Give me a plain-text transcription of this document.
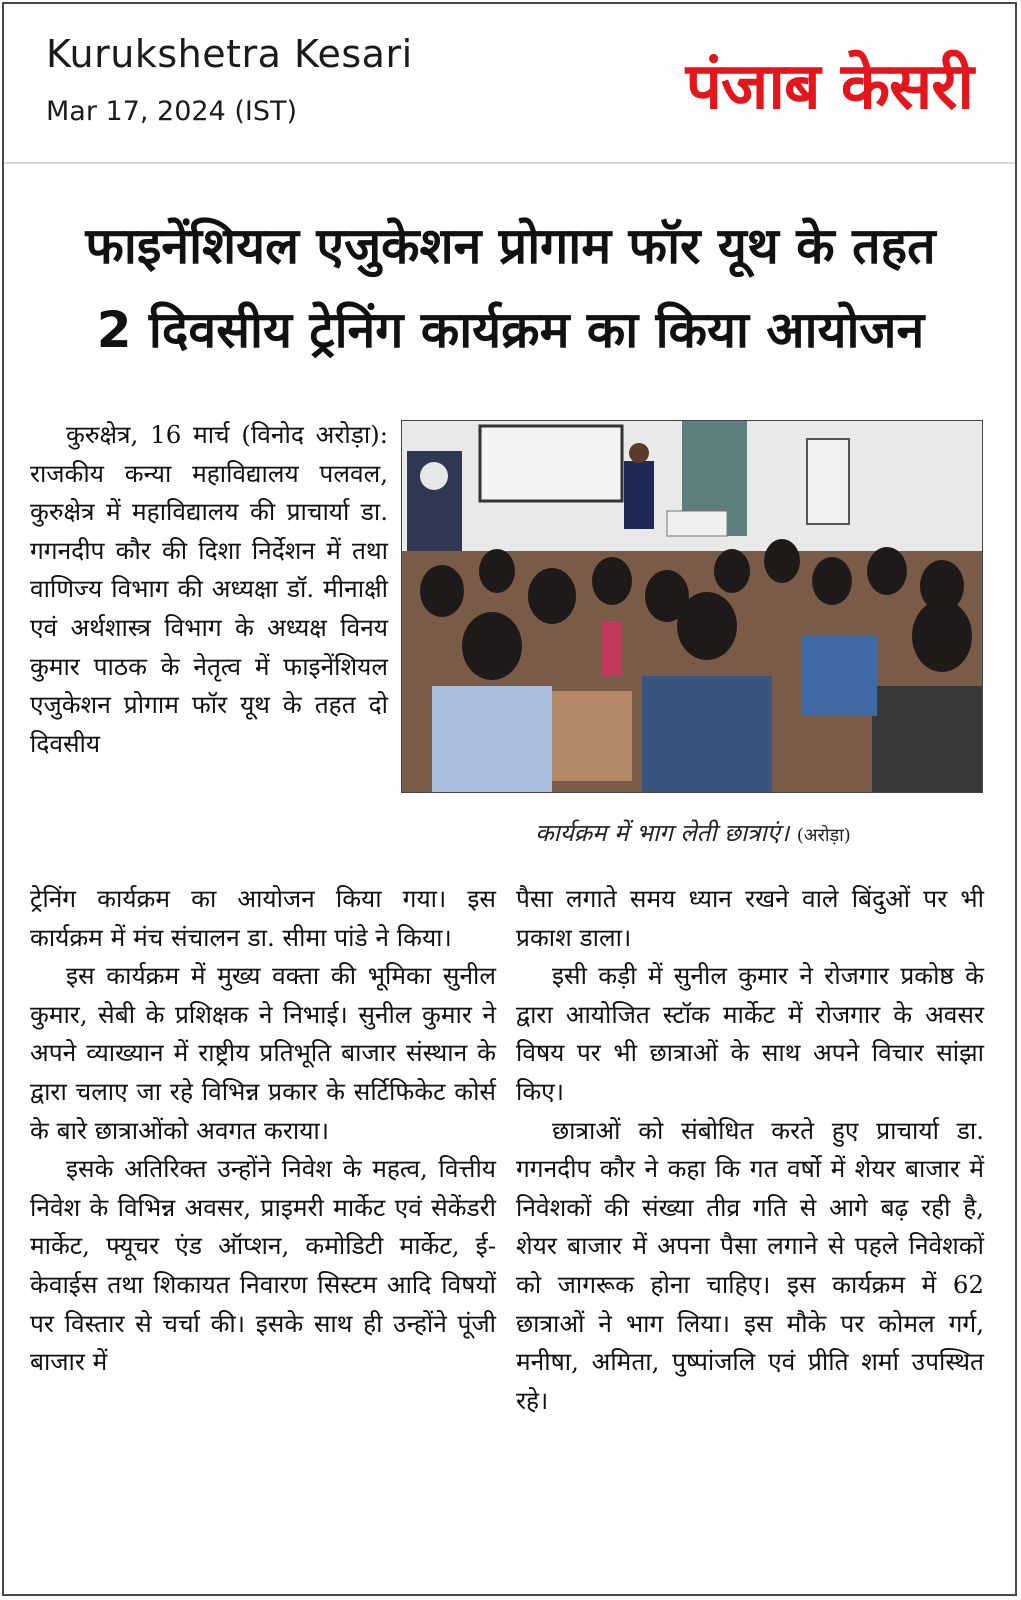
Kurukshetra Kesari
Mar 17, 2024 (IST)	पंजाब केसरी
फाइनेंशियल एजुकेशन प्रोगाम फॉर यूथ के तहत
2 दिवसीय ट्रेनिंग कार्यक्रम का किया आयोजन

कुरुक्षेत्र, 16 मार्च (विनोद अरोड़ा): राजकीय कन्या महाविद्यालय पलवल, कुरुक्षेत्र में महाविद्यालय की प्राचार्या डा. गगनदीप कौर की दिशा निर्देशन में तथा वाणिज्य विभाग की अध्यक्षा डॉ. मीनाक्षी एवं अर्थशास्त्र विभाग के अध्यक्ष विनय कुमार पाठक के नेतृत्व में फाइनेंशियल एजुकेशन प्रोगाम फॉर यूथ के तहत दो दिवसीय

कार्यक्रम में भाग लेती छात्राएं। (अरोड़ा)

ट्रेनिंग कार्यक्रम का आयोजन किया गया। इस कार्यक्रम में मंच संचालन डा. सीमा पांडे ने किया।

इस कार्यक्रम में मुख्य वक्ता की भूमिका सुनील कुमार, सेबी के प्रशिक्षक ने निभाई। सुनील कुमार ने अपने व्याख्यान में राष्ट्रीय प्रतिभूति बाजार संस्थान के द्वारा चलाए जा रहे विभिन्न प्रकार के सर्टिफिकेट कोर्स के बारे छात्राओंको अवगत कराया।

इसके अतिरिक्त उन्होंने निवेश के महत्व, वित्तीय निवेश के विभिन्न अवसर, प्राइमरी मार्केट एवं सेकेंडरी मार्केट, फ्यूचर एंड ऑप्शन, कमोडिटी मार्केट, ई-केवाईस तथा शिकायत निवारण सिस्टम आदि विषयों पर विस्तार से चर्चा की। इसके साथ ही उन्होंने पूंजी बाजार में

पैसा लगाते समय ध्यान रखने वाले बिंदुओं पर भी प्रकाश डाला।

इसी कड़ी में सुनील कुमार ने रोजगार प्रकोष्ठ के द्वारा आयोजित स्टॉक मार्केट में रोजगार के अवसर विषय पर भी छात्राओं के साथ अपने विचार सांझा किए।

छात्राओं को संबोधित करते हुए प्राचार्या डा. गगनदीप कौर ने कहा कि गत वर्षो में शेयर बाजार में निवेशकों की संख्या तीव्र गति से आगे बढ़ रही है, शेयर बाजार में अपना पैसा लगाने से पहले निवेशकों को जागरूक होना चाहिए। इस कार्यक्रम में 62 छात्राओं ने भाग लिया। इस मौके पर कोमल गर्ग, मनीषा, अमिता, पुष्पांजलि एवं प्रीति शर्मा उपस्थित रहे।
